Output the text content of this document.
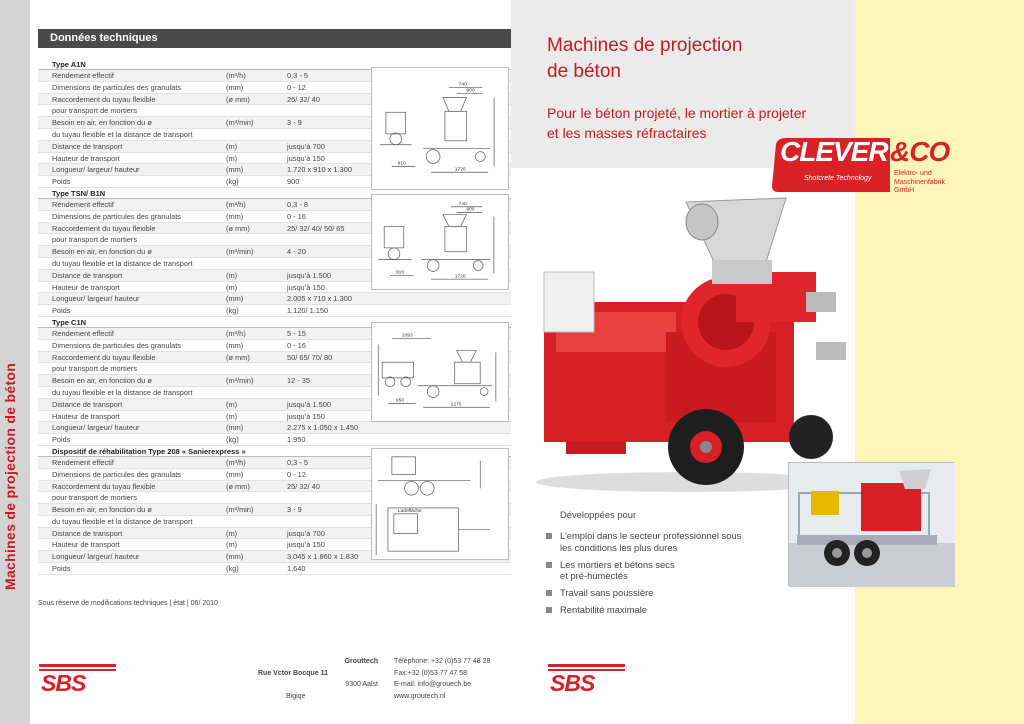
Machines de projection de béton
Données techniques
Type A1N
Rendement effectif	(m³/h)	0,3 - 5
Dimensions de particules des granulats	(mm)	0 - 12
Raccordement du tuyau flexible	(ø mm)	25/ 32/ 40
pour transport de mortiers
Besoin en air, en fonction du ø	(m³/min)	3 - 9
du tuyau flexible et la distance de transport
Distance de transport	(m)	jusqu’à 700
Hauteur de transport	(m)	jusqu’à 150
Longueur/ largeur/ hauteur	(mm)	1.720 x 910 x 1.300
Poids	(kg)	900
740
900
910
1720
Type TSN/ B1N
Rendement effectif	(m³/h)	0,3 - 8
Dimensions de particules des granulats	(mm)	0 - 16
Raccordement du tuyau flexible	(ø mm)	25/ 32/ 40/ 50/ 65
pour transport de mortiers
Besoin en air, en fonction du ø	(m³/min)	4 - 20
du tuyau flexible et la distance de transport
Distance de transport	(m)	jusqu’à 1.500
Hauteur de transport	(m)	jusqu’à 150
Longueur/ largeur/ hauteur	(mm)	2.005 x 710 x 1.300
Poids	(kg)	1.120/ 1.150
740
900
910
1720
Type C1N
Rendement effectif	(m³/h)	5 - 15
Dimensions de particules des granulats	(mm)	0 - 16
Raccordement du tuyau flexible	(ø mm)	50/ 65/ 70/ 80
pour transport de mortiers
Besoin en air, en fonction du ø	(m³/min)	12 - 35
du tuyau flexible et la distance de transport
Distance de transport	(m)	jusqu’à 1.500
Hauteur de transport	(m)	jusqu’à 150
Longueur/ largeur/ hauteur	(mm)	2.275 x 1.050 x 1.450
Poids	(kg)	1.950
1093
950
2275
Dispositif de réhabilitation Type 208 « Sanierexpress »
Rendement effectif	(m³/h)	0,3 - 5
Dimensions de particules des granulats	(mm)	0 - 12
Raccordement du tuyau flexible	(ø mm)	25/ 32/ 40
pour transport de mortiers
Besoin en air, en fonction du ø	(m³/min)	3 - 9
du tuyau flexible et la distance de transport
Distance de transport	(m)	jusqu’à 700
Hauteur de transport	(m)	jusqu’à 150
Longueur/ largeur/ hauteur	(mm)	3.045 x 1.860 x 1.830
Poids	(kg)	1.640
Ladefläche
Sous réserve de modifications techniques | état | 06/ 2010
SBS
Grouttech
Rue Vctor Bocque 11
9300 Aalst
Bigiqe
Téléphone: +32 (0)53 77 48 28
Fax:+32 (0)53 77 47 58
E-mail: info@grouech.be
www.groutech.nl
Machines de projection
de béton
Pour le béton projeté, le mortier à projeter
et les masses réfractaires
CLEVER &CO
Shotcrete Technology
Elektro- und
Maschinenfabrik
GmbH
Développées pour
L’emploi dans le secteur professionnel sous
les conditions les plus dures
Les mortiers et bétons secs
et pré-humectés
Travail sans poussière
Rentabilité maximale
SBS
